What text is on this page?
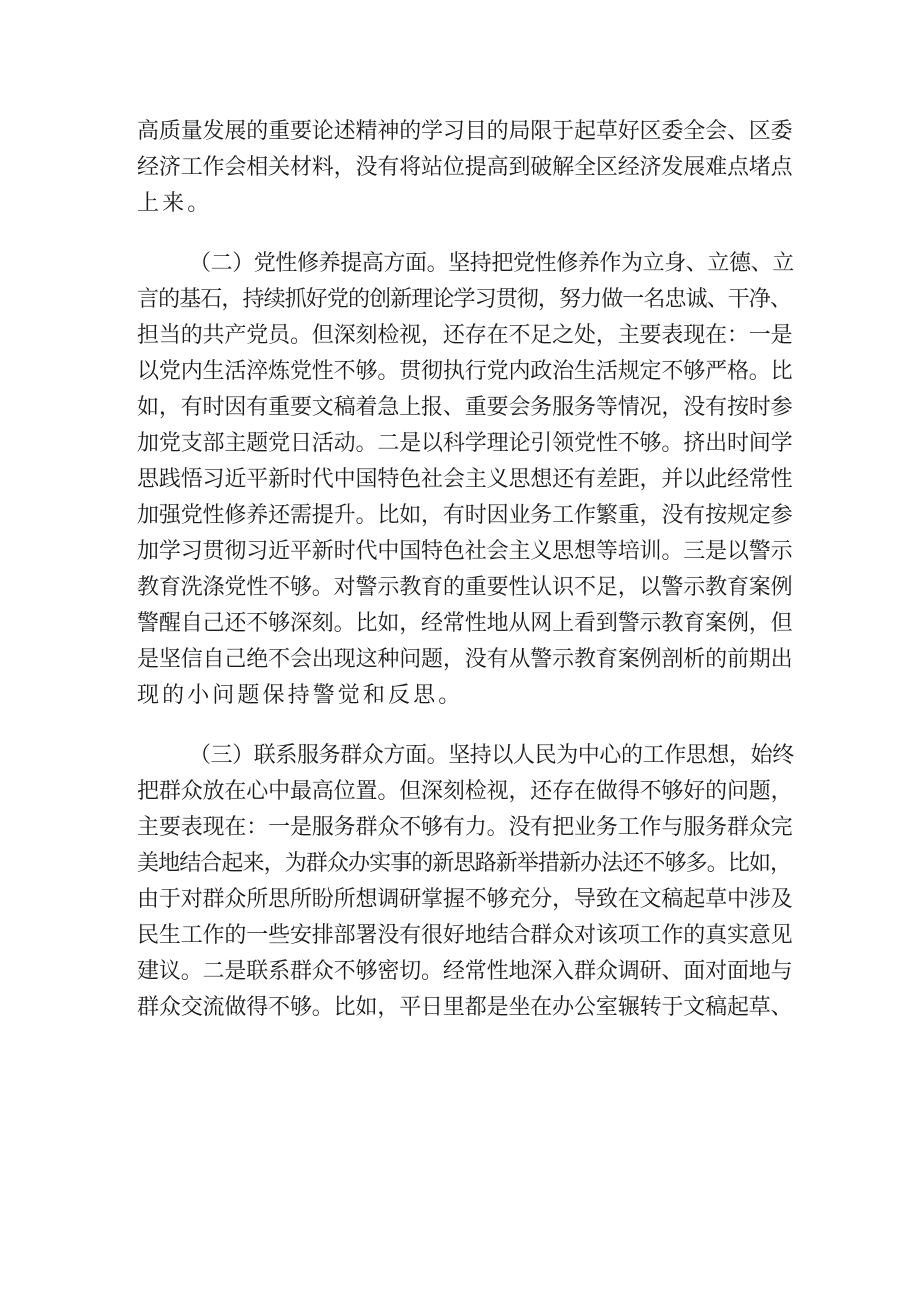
高质量发展的重要论述精神的学习目的局限于起草好区委全会、区委
经济工作会相关材料，没有将站位提高到破解全区经济发展难点堵点
上来。
（二）党性修养提高方面。坚持把党性修养作为立身、立德、立
言的基石，持续抓好党的创新理论学习贯彻，努力做一名忠诚、干净、
担当的共产党员。但深刻检视，还存在不足之处，主要表现在：一是
以党内生活淬炼党性不够。贯彻执行党内政治生活规定不够严格。比
如，有时因有重要文稿着急上报、重要会务服务等情况，没有按时参
加党支部主题党日活动。二是以科学理论引领党性不够。挤出时间学
思践悟习近平新时代中国特色社会主义思想还有差距，并以此经常性
加强党性修养还需提升。比如，有时因业务工作繁重，没有按规定参
加学习贯彻习近平新时代中国特色社会主义思想等培训。三是以警示
教育洗涤党性不够。对警示教育的重要性认识不足，以警示教育案例
警醒自己还不够深刻。比如，经常性地从网上看到警示教育案例，但
是坚信自己绝不会出现这种问题，没有从警示教育案例剖析的前期出
现的小问题保持警觉和反思。
（三）联系服务群众方面。坚持以人民为中心的工作思想，始终
把群众放在心中最高位置。但深刻检视，还存在做得不够好的问题，
主要表现在：一是服务群众不够有力。没有把业务工作与服务群众完
美地结合起来，为群众办实事的新思路新举措新办法还不够多。比如，
由于对群众所思所盼所想调研掌握不够充分，导致在文稿起草中涉及
民生工作的一些安排部署没有很好地结合群众对该项工作的真实意见
建议。二是联系群众不够密切。经常性地深入群众调研、面对面地与
群众交流做得不够。比如，平日里都是坐在办公室辗转于文稿起草、
